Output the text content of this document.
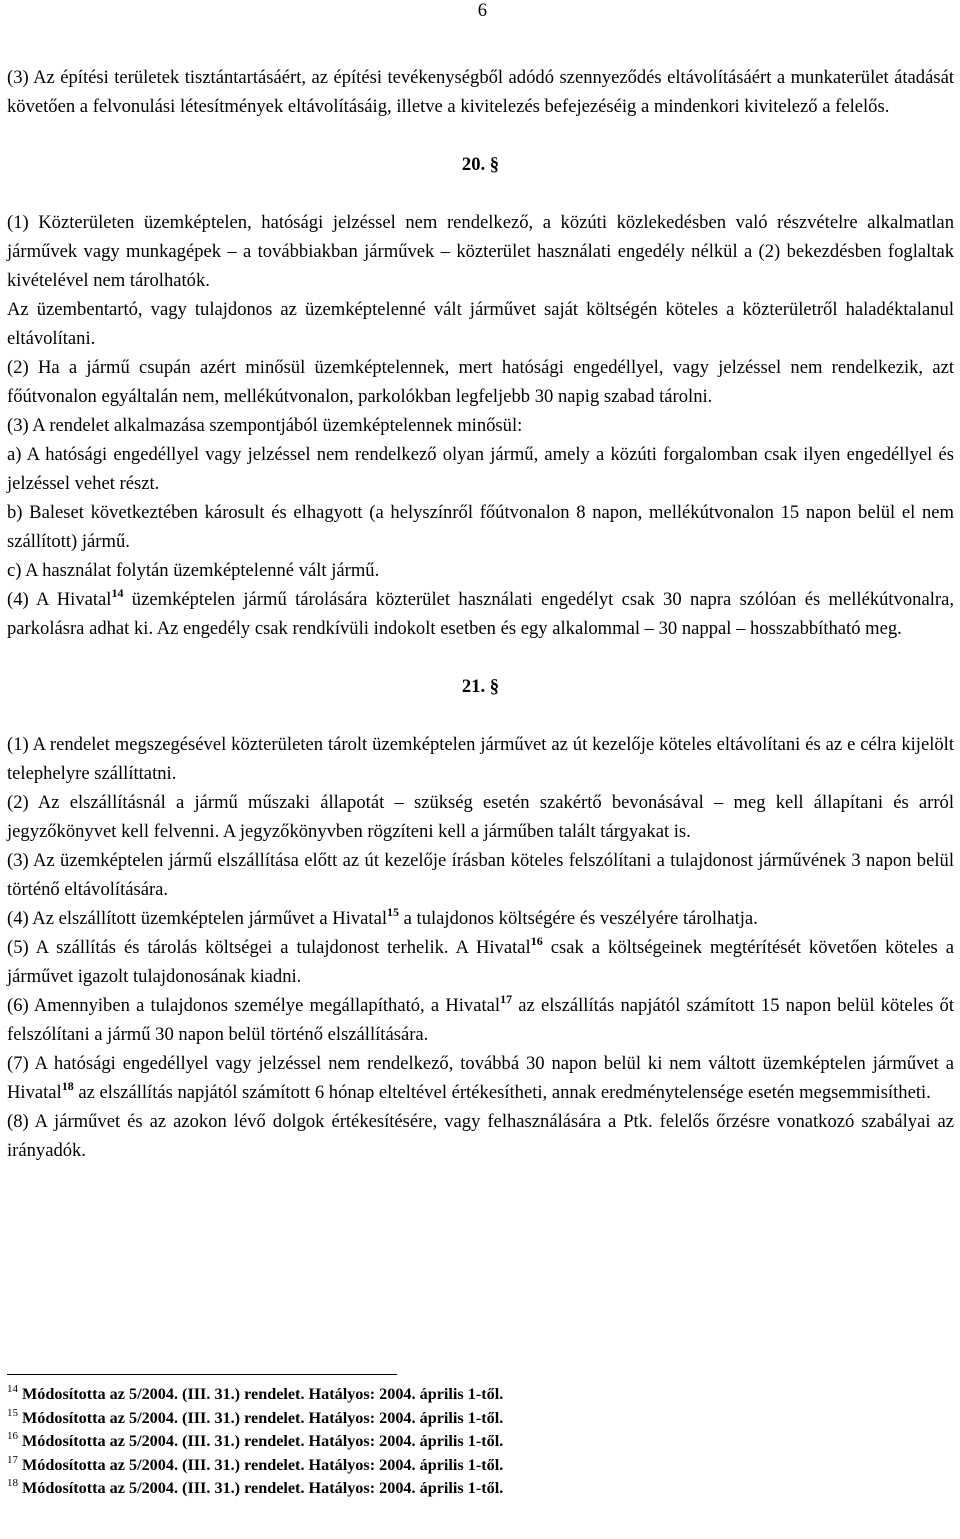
6

(3) Az építési területek tisztántartásáért, az építési tevékenységből adódó szennyeződés eltávolításáért a munkaterület átadását követően a felvonulási létesítmények eltávolításáig, illetve a kivitelezés befejezéséig a mindenkori kivitelező a felelős.

20. §

(1) Közterületen üzemképtelen, hatósági jelzéssel nem rendelkező, a közúti közlekedésben való részvételre alkalmatlan járművek vagy munkagépek – a továbbiakban járművek – közterület használati engedély nélkül a (2) bekezdésben foglaltak kivételével nem tárolhatók.

Az üzembentartó, vagy tulajdonos az üzemképtelenné vált járművet saját költségén köteles a közterületről haladéktalanul eltávolítani.

(2) Ha a jármű csupán azért minősül üzemképtelennek, mert hatósági engedéllyel, vagy jelzéssel nem rendelkezik, azt főútvonalon egyáltalán nem, mellékútvonalon, parkolókban legfeljebb 30 napig szabad tárolni.

(3) A rendelet alkalmazása szempontjából üzemképtelennek minősül:

a) A hatósági engedéllyel vagy jelzéssel nem rendelkező olyan jármű, amely a közúti forgalomban csak ilyen engedéllyel és jelzéssel vehet részt.

b) Baleset következtében károsult és elhagyott (a helyszínről főútvonalon 8 napon, mellékútvonalon 15 napon belül el nem szállított) jármű.

c) A használat folytán üzemképtelenné vált jármű.

(4) A Hivatal$^{14}$ üzemképtelen jármű tárolására közterület használati engedélyt csak 30 napra szólóan és mellékútvonalra, parkolásra adhat ki. Az engedély csak rendkívüli indokolt esetben és egy alkalommal – 30 nappal – hosszabbítható meg.

21. §

(1) A rendelet megszegésével közterületen tárolt üzemképtelen járművet az út kezelője köteles eltávolítani és az e célra kijelölt telephelyre szállíttatni.

(2) Az elszállításnál a jármű műszaki állapotát – szükség esetén szakértő bevonásával – meg kell állapítani és arról jegyzőkönyvet kell felvenni. A jegyzőkönyvben rögzíteni kell a járműben talált tárgyakat is.

(3) Az üzemképtelen jármű elszállítása előtt az út kezelője írásban köteles felszólítani a tulajdonost járművének 3 napon belül történő eltávolítására.

(4) Az elszállított üzemképtelen járművet a Hivatal$^{15}$ a tulajdonos költségére és veszélyére tárolhatja.

(5) A szállítás és tárolás költségei a tulajdonost terhelik. A Hivatal$^{16}$ csak a költségeinek megtérítését követően köteles a járművet igazolt tulajdonosának kiadni.

(6) Amennyiben a tulajdonos személye megállapítható, a Hivatal$^{17}$ az elszállítás napjától számított 15 napon belül köteles őt felszólítani a jármű 30 napon belül történő elszállítására.

(7) A hatósági engedéllyel vagy jelzéssel nem rendelkező, továbbá 30 napon belül ki nem váltott üzemképtelen járművet a Hivatal$^{18}$ az elszállítás napjától számított 6 hónap elteltével értékesítheti, annak eredménytelensége esetén megsemmisítheti.

(8) A járművet és az azokon lévő dolgok értékesítésére, vagy felhasználására a Ptk. felelős őrzésre vonatkozó szabályai az irányadók.

$^{14}$ Módosította az 5/2004. (III. 31.) rendelet. Hatályos: 2004. április 1-től.

$^{15}$ Módosította az 5/2004. (III. 31.) rendelet. Hatályos: 2004. április 1-től.

$^{16}$ Módosította az 5/2004. (III. 31.) rendelet. Hatályos: 2004. április 1-től.

$^{17}$ Módosította az 5/2004. (III. 31.) rendelet. Hatályos: 2004. április 1-től.

$^{18}$ Módosította az 5/2004. (III. 31.) rendelet. Hatályos: 2004. április 1-től.
